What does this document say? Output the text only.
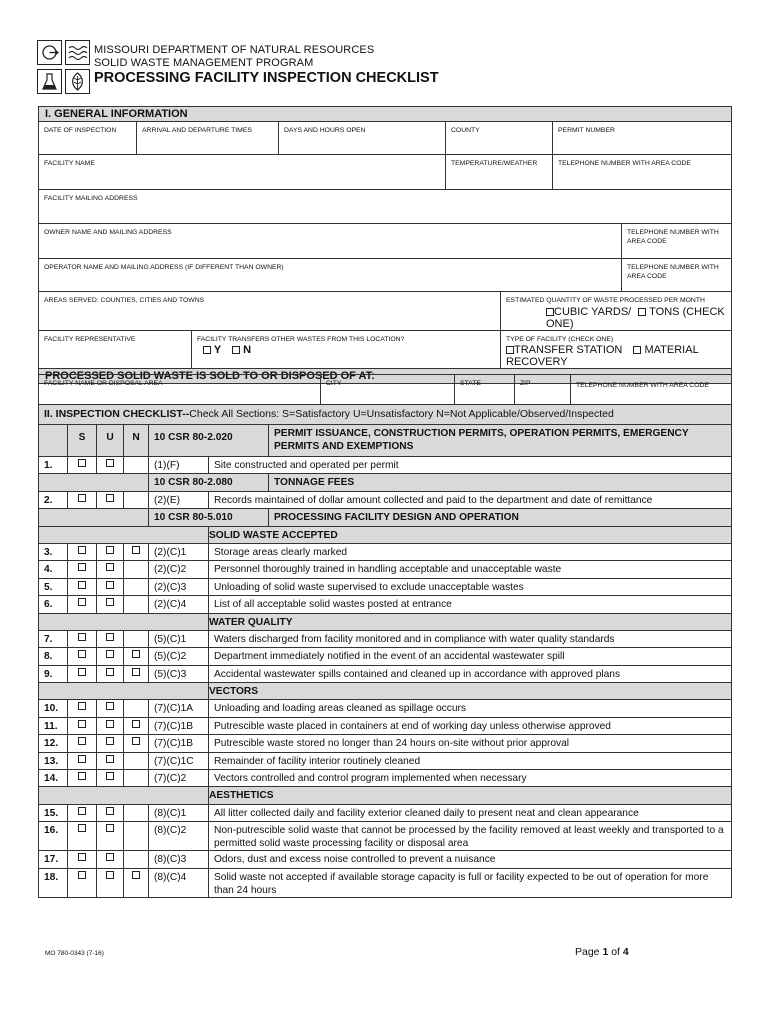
MISSOURI DEPARTMENT OF NATURAL RESOURCES
SOLID WASTE MANAGEMENT PROGRAM
PROCESSING FACILITY INSPECTION CHECKLIST
I. GENERAL INFORMATION							

DATE OF INSPECTION	ARRIVAL AND DEPARTURE TIMES		DAYS AND HOURS OPEN	COUNTY		PERMIT NUMBER	

FACILITY NAME				TEMPERATURE/WEATHER		TELEPHONE NUMBER WITH AREA CODE	

FACILITY MAILING ADDRESS							

OWNER NAME AND MAILING ADDRESS							TELEPHONE NUMBER WITH AREA CODE

OPERATOR NAME AND MAILING ADDRESS (IF DIFFERENT THAN OWNER)							TELEPHONE NUMBER WITH AREA CODE

AREAS SERVED: COUNTIES, CITIES AND TOWNS					ESTIMATED QUANTITY OF WASTE PROCESSED PER MONTH
CUBIC YARDS/ TONS (CHECK ONE)		

FACILITY REPRESENTATIVE		FACILITY TRANSFERS OTHER WASTES FROM THIS LOCATION?
Y N			TYPE OF FACILITY (CHECK ONE)
TRANSFER STATION MATERIAL RECOVERY		

PROCESSED SOLID WASTE IS SOLD TO OR DISPOSED OF AT:							
FACILITY NAME OR DISPOSAL AREA	CITY	STATE	ZIP	TELEPHONE NUMBER WITH AREA CODE
II. INSPECTION CHECKLIST--Check All Sections: S=Satisfactory U=Unsatisfactory N=Not Applicable/Observed/Inspected						
	S	U	N	10 CSR 80-2.020		PERMIT ISSUANCE, CONSTRUCTION PERMITS, OPERATION PERMITS, EMERGENCY PERMITS AND EXEMPTIONS
1.				(1)(F)	Site constructed and operated per permit	
				10 CSR 80-2.080		TONNAGE FEES
2.				(2)(E)	Records maintained of dollar amount collected and paid to the department and date of remittance	
				10 CSR 80-5.010		PROCESSING FACILITY DESIGN AND OPERATION
					SOLID WASTE ACCEPTED	
3.				(2)(C)1	Storage areas clearly marked	
4.				(2)(C)2	Personnel thoroughly trained in handling acceptable and unacceptable waste	
5.				(2)(C)3	Unloading of solid waste supervised to exclude unacceptable wastes	
6.				(2)(C)4	List of all acceptable solid wastes posted at entrance	
					WATER QUALITY	
7.				(5)(C)1	Waters discharged from facility monitored and in compliance with water quality standards	
8.				(5)(C)2	Department immediately notified in the event of an accidental wastewater spill	
9.				(5)(C)3	Accidental wastewater spills contained and cleaned up in accordance with approved plans	
					VECTORS	
10.				(7)(C)1A	Unloading and loading areas cleaned as spillage occurs	
11.				(7)(C)1B	Putrescible waste placed in containers at end of working day unless otherwise approved	
12.				(7)(C)1B	Putrescible waste stored no longer than 24 hours on-site without prior approval	
13.				(7)(C)1C	Remainder of facility interior routinely cleaned	
14.				(7)(C)2	Vectors controlled and control program implemented when necessary	
					AESTHETICS	
15.				(8)(C)1	All litter collected daily and facility exterior cleaned daily to present neat and clean appearance	
16.				(8)(C)2	Non-putrescible solid waste that cannot be processed by the facility removed at least weekly and transported to a permitted solid waste processing facility or disposal area	
17.				(8)(C)3	Odors, dust and excess noise controlled to prevent a nuisance	
18.				(8)(C)4	Solid waste not accepted if available storage capacity is full or facility expected to be out of operation for more than 24 hours	
MO 780-0343 (7-16)	Page 1 of 4
